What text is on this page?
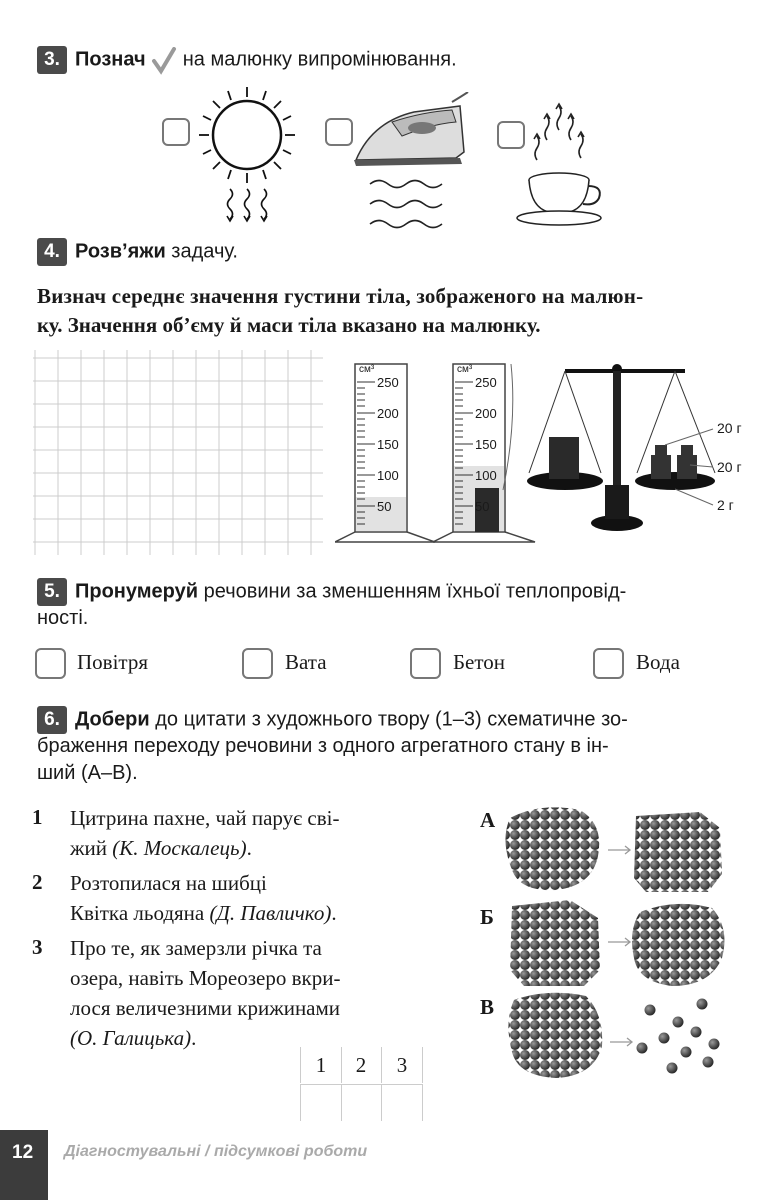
3. Познач на малюнку випромінювання.
4. Розв’яжи задачу.
Визнач середнє значення густини тіла, зображеного на малюн-
ку. Значення об’єму й маси тіла вказано на малюнку.
см³
250
200
150
100
50
см³
250
200
150
100
50
20 г
20 г
2 г
5. Пронумеруй речовини за зменшенням їхньої теплопровід-
ності.
Повітря	Вата	Бетон	Вода
6. Добери до цитати з художнього твору (1–3) схематичне зо-
браження переходу речовини з одного агрегатного стану в ін-
ший (А–В).
1 Цитрина пахне, чай парує сві-
жий (К. Москалець).
2 Розтопилася на шибці
Квітка льодяна (Д. Павличко).
3 Про те, як замерзли річка та
озера, навіть Мореозеро вкри-
лося величезними крижинами
(О. Галицька).
1	2	3
А
Б
В
12	Діагностувальні / підсумкові роботи
